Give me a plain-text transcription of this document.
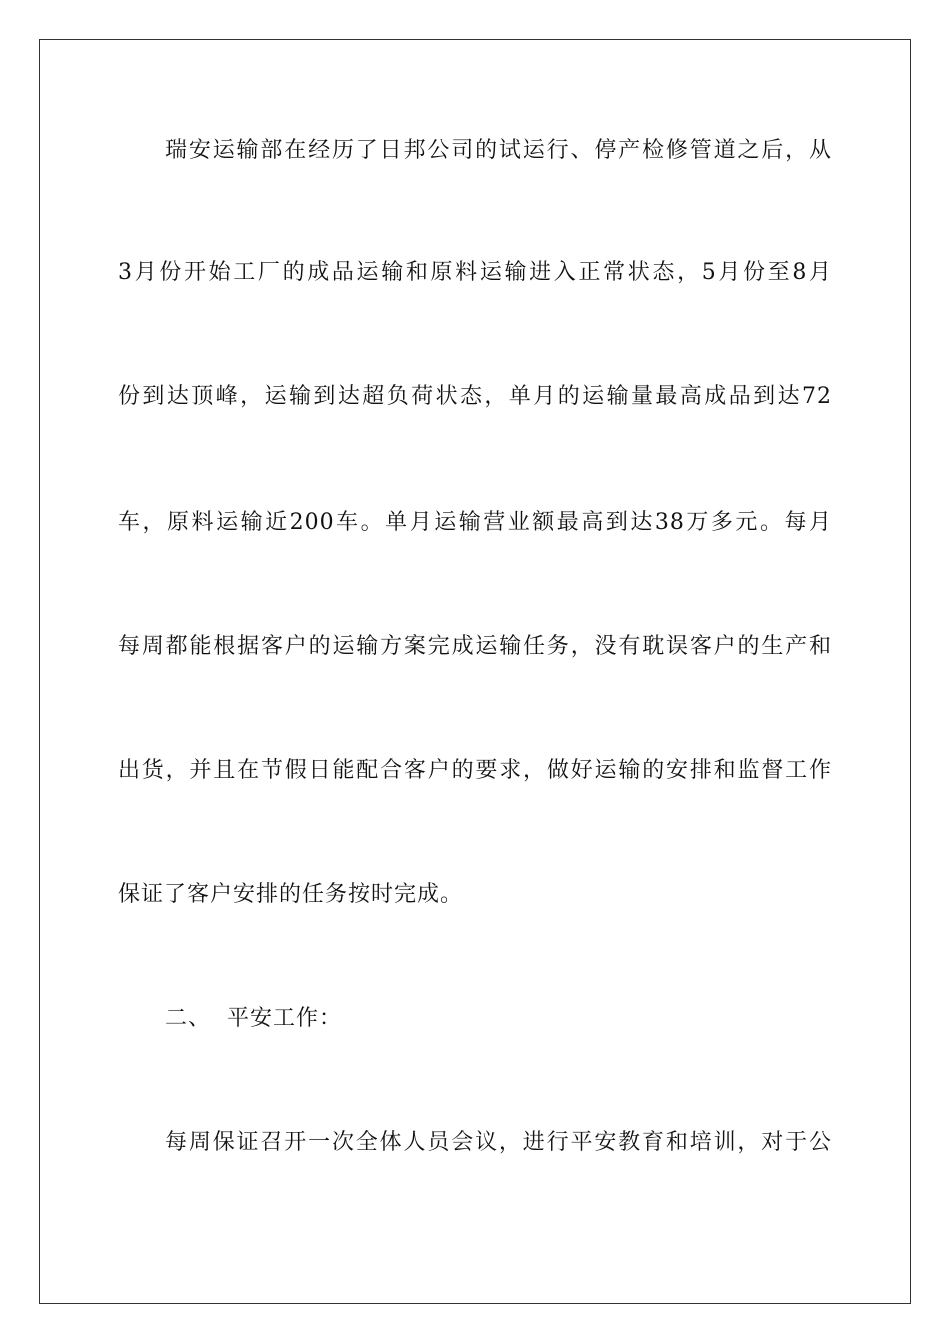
瑞安运输部在经历了日邦公司的试运行、停产检修管道之后，从
3月份开始工厂的成品运输和原料运输进入正常状态，5月份至8月
份到达顶峰，运输到达超负荷状态，单月的运输量最高成品到达72
车，原料运输近200车。单月运输营业额最高到达38万多元。每月
每周都能根据客户的运输方案完成运输任务，没有耽误客户的生产和
出货，并且在节假日能配合客户的要求，做好运输的安排和监督工作
保证了客户安排的任务按时完成。
二、  平安工作：
每周保证召开一次全体人员会议，进行平安教育和培训，对于公
